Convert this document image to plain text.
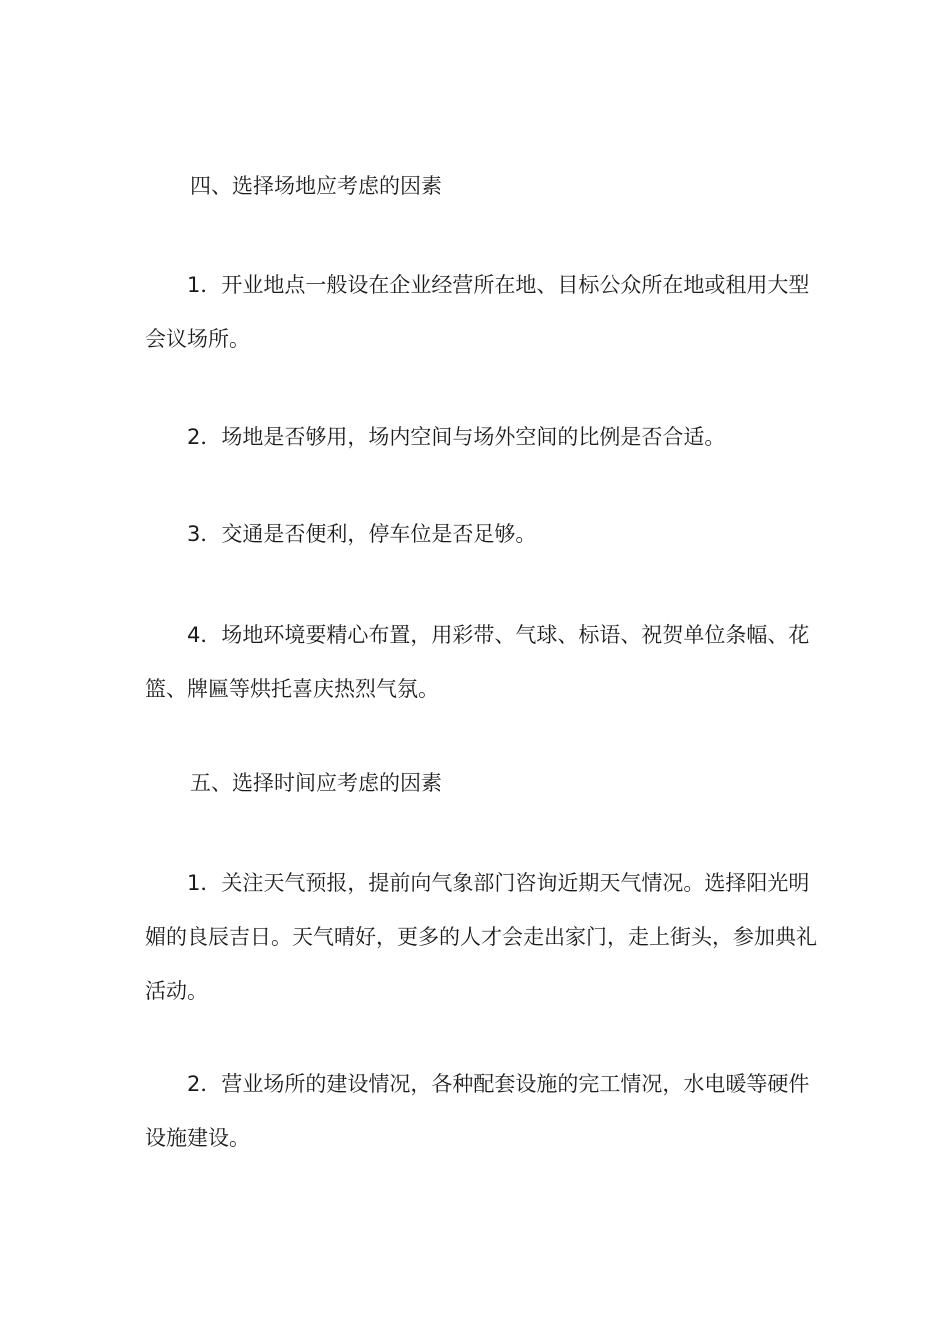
四、选择场地应考虑的因素

1．开业地点一般设在企业经营所在地、目标公众所在地或租用大型会议场所。

2．场地是否够用，场内空间与场外空间的比例是否合适。

3．交通是否便利，停车位是否足够。

4．场地环境要精心布置，用彩带、气球、标语、祝贺单位条幅、花篮、牌匾等烘托喜庆热烈气氛。

五、选择时间应考虑的因素

1．关注天气预报，提前向气象部门咨询近期天气情况。选择阳光明媚的良辰吉日。天气晴好，更多的人才会走出家门，走上街头，参加典礼活动。

2．营业场所的建设情况，各种配套设施的完工情况，水电暖等硬件设施建设。
